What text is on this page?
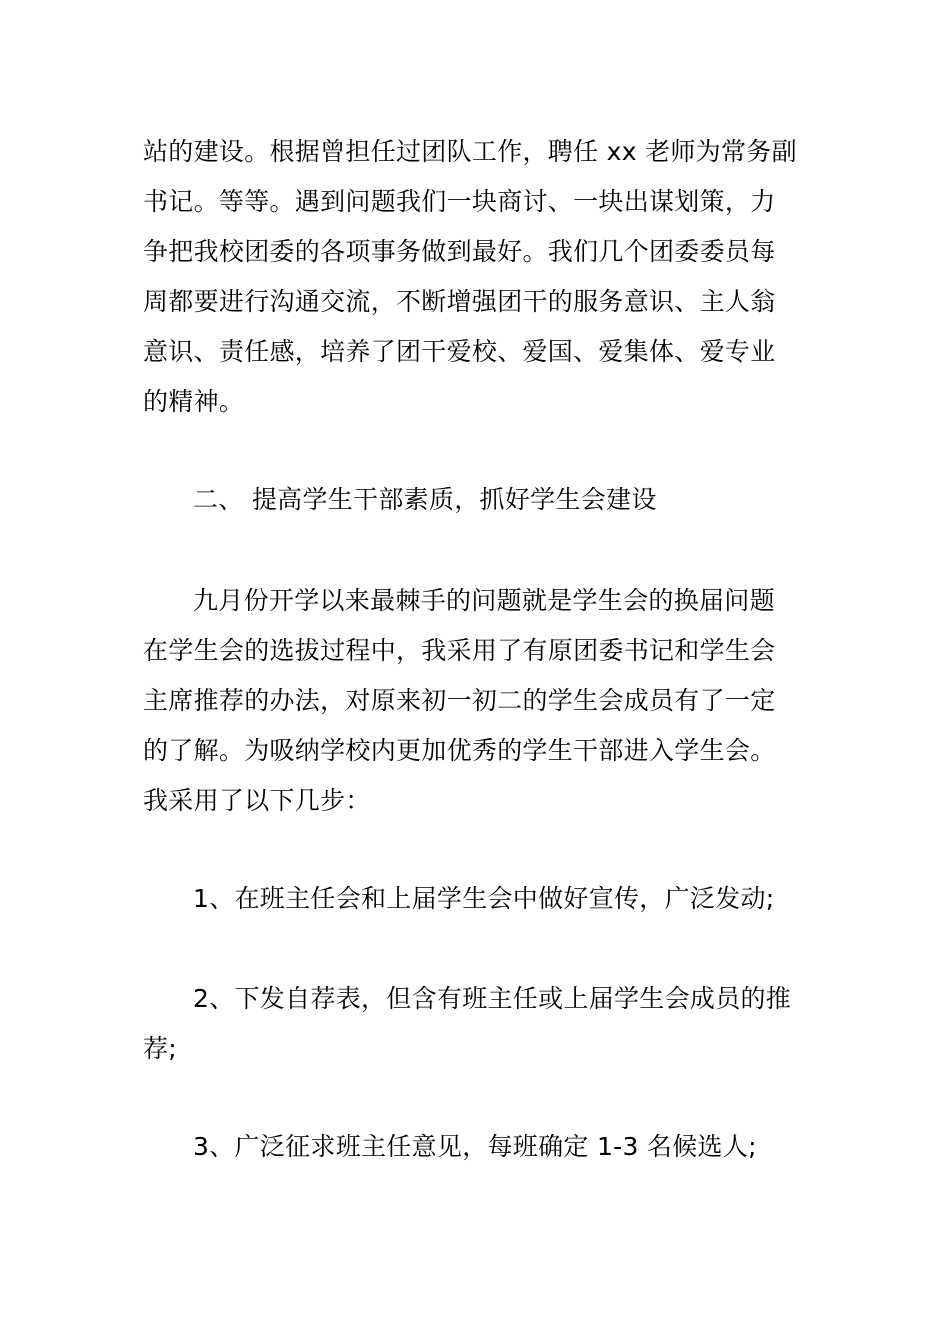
站的建设。根据曾担任过团队工作，聘任 xx 老师为常务副
书记。等等。遇到问题我们一块商讨、一块出谋划策，力
争把我校团委的各项事务做到最好。我们几个团委委员每
周都要进行沟通交流，不断增强团干的服务意识、主人翁
意识、责任感，培养了团干爱校、爱国、爱集体、爱专业
的精神。
二、 提高学生干部素质，抓好学生会建设
九月份开学以来最棘手的问题就是学生会的换届问题
在学生会的选拔过程中，我采用了有原团委书记和学生会
主席推荐的办法，对原来初一初二的学生会成员有了一定
的了解。为吸纳学校内更加优秀的学生干部进入学生会。
我采用了以下几步：
1、在班主任会和上届学生会中做好宣传，广泛发动;
2、下发自荐表，但含有班主任或上届学生会成员的推
荐;
3、广泛征求班主任意见，每班确定 1-3 名候选人;
